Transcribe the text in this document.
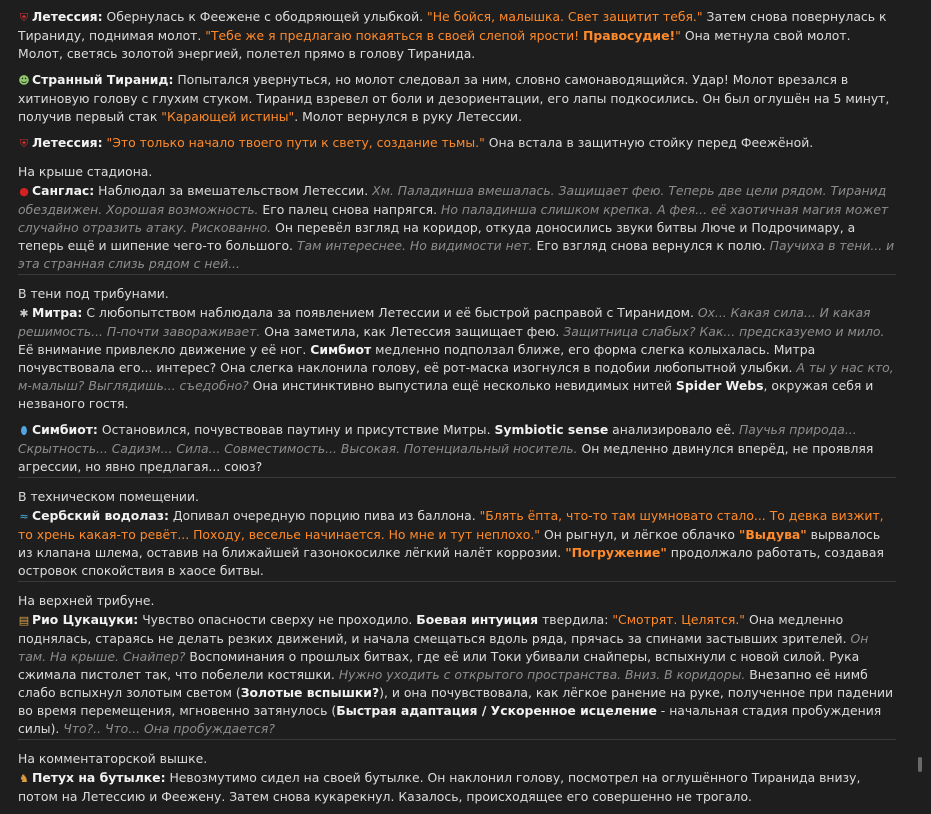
⛨ Летессия: Обернулась к Феежене с ободряющей улыбкой. "Не бойся, малышка. Свет защитит тебя." Затем снова повернулась к Тираниду, поднимая молот. "Тебе же я предлагаю покаяться в своей слепой ярости! Правосудие!" Она метнула свой молот. Молот, светясь золотой энергией, полетел прямо в голову Тиранида.
☻ Странный Тиранид: Попытался увернуться, но молот следовал за ним, словно самонаводящийся. Удар! Молот врезался в хитиновую голову с глухим стуком. Тиранид взревел от боли и дезориентации, его лапы подкосились. Он был оглушён на 5 минут, получив первый стак "Карающей истины". Молот вернулся в руку Летессии.
⛨ Летессия: "Это только начало твоего пути к свету, создание тьмы." Она встала в защитную стойку перед Феежёной.
На крыше стадиона.
● Санглас: Наблюдал за вмешательством Летессии. Хм. Паладинша вмешалась. Защищает фею. Теперь две цели рядом. Тиранид обездвижен. Хорошая возможность. Его палец снова напрягся. Но паладинша слишком крепка. А фея... её хаотичная магия может случайно отразить атаку. Рискованно. Он перевёл взгляд на коридор, откуда доносились звуки битвы Люче и Подрочимару, а теперь ещё и шипение чего-то большого. Там интереснее. Но видимости нет. Его взгляд снова вернулся к полю. Паучиха в тени... и эта странная слизь рядом с ней...
В тени под трибунами.
✱ Митра: С любопытством наблюдала за появлением Летессии и её быстрой расправой с Тиранидом. Ох... Какая сила... И какая решимость... П-почти завораживает. Она заметила, как Летессия защищает фею. Защитница слабых? Как... предсказуемо и мило. Её внимание привлекло движение у её ног. Симбиот медленно подползал ближе, его форма слегка колыхалась. Митра почувствовала его... интерес? Она слегка наклонила голову, её рот-маска изогнулся в подобии любопытной улыбки. А ты у нас кто, м-малыш? Выглядишь... съедобно? Она инстинктивно выпустила ещё несколько невидимых нитей Spider Webs, окружая себя и незваного гостя.
⬮ Симбиот: Остановился, почувствовав паутину и присутствие Митры. Symbiotic sense анализировало её. Паучья природа... Скрытность... Садизм... Сила... Совместимость... Высокая. Потенциальный носитель. Он медленно двинулся вперёд, не проявляя агрессии, но явно предлагая... союз?
В техническом помещении.
≈ Сербский водолаз: Допивал очередную порцию пива из баллона. "Блять ёпта, что-то там шумновато стало... То девка визжит, то хрень какая-то ревёт... Походу, веселье начинается. Но мне и тут неплохо." Он рыгнул, и лёгкое облачко "Выдува" вырвалось из клапана шлема, оставив на ближайшей газонокосилке лёгкий налёт коррозии. "Погружение" продолжало работать, создавая островок спокойствия в хаосе битвы.
На верхней трибуне.
▤ Рио Цукацуки: Чувство опасности сверху не проходило. Боевая интуиция твердила: "Смотрят. Целятся." Она медленно поднялась, стараясь не делать резких движений, и начала смещаться вдоль ряда, прячась за спинами застывших зрителей. Он там. На крыше. Снайпер? Воспоминания о прошлых битвах, где её или Токи убивали снайперы, вспыхнули с новой силой. Рука сжимала пистолет так, что побелели костяшки. Нужно уходить с открытого пространства. Вниз. В коридоры. Внезапно её нимб слабо вспыхнул золотым светом (Золотые вспышки?), и она почувствовала, как лёгкое ранение на руке, полученное при падении во время перемещения, мгновенно затянулось (Быстрая адаптация / Ускоренное исцеление - начальная стадия пробуждения силы). Что?.. Что... Она пробуждается?
На комментаторской вышке.
♞ Петух на бутылке: Невозмутимо сидел на своей бутылке. Он наклонил голову, посмотрел на оглушённого Тиранида внизу, потом на Летессию и Феежену. Затем снова кукарекнул. Казалось, происходящее его совершенно не трогало.
